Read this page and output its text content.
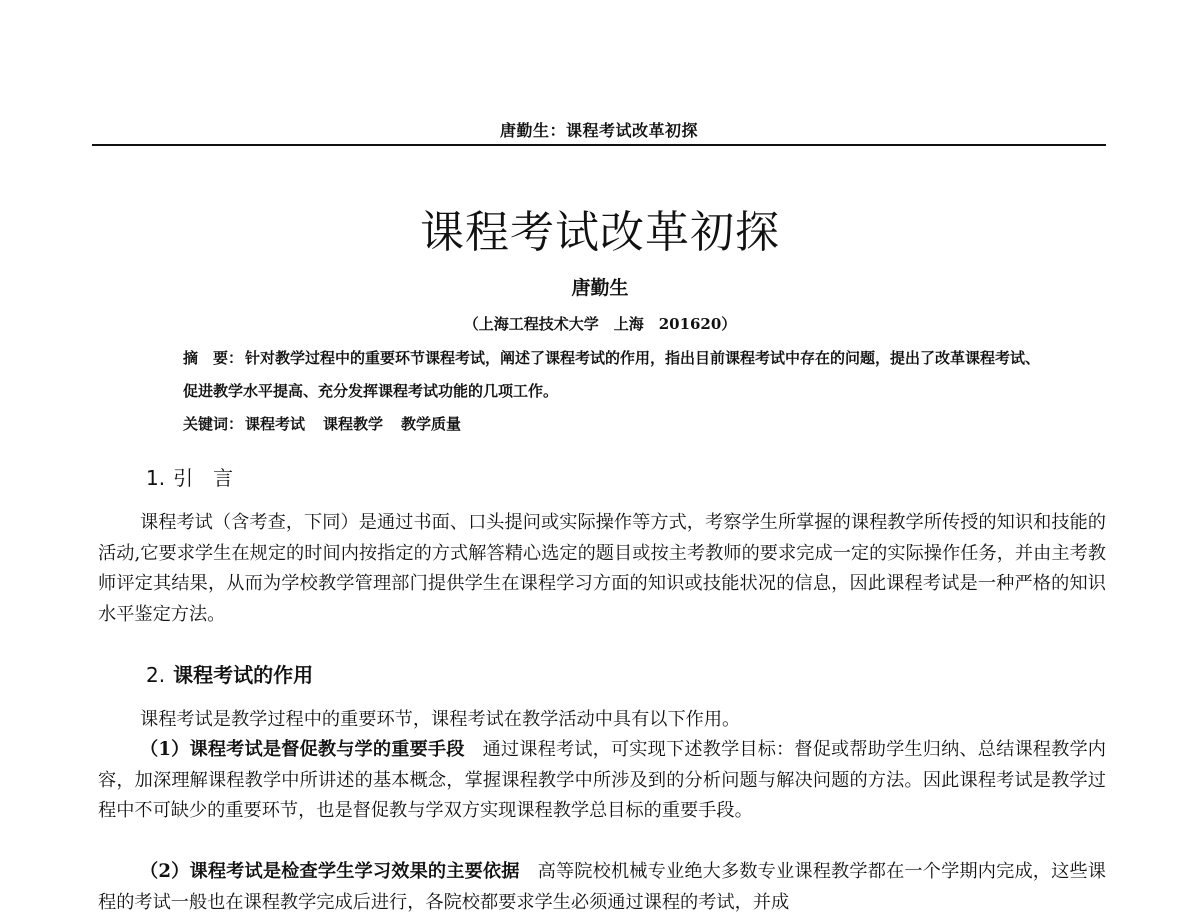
唐勤生：课程考试改革初探
课程考试改革初探
唐勤生
（上海工程技术大学　上海　201620）
摘　要： 针对教学过程中的重要环节课程考试，阐述了课程考试的作用，指出目前课程考试中存在的问题，提出了改革课程考试、促进教学水平提高、充分发挥课程考试功能的几项工作。
关键词： 课程考试 课程教学 教学质量
1. 引　言

课程考试（含考查，下同）是通过书面、口头提问或实际操作等方式，考察学生所掌握的课程教学所传授的知识和技能的活动,它要求学生在规定的时间内按指定的方式解答精心选定的题目或按主考教师的要求完成一定的实际操作任务，并由主考教师评定其结果，从而为学校教学管理部门提供学生在课程学习方面的知识或技能状况的信息，因此课程考试是一种严格的知识水平鉴定方法。

2. 课程考试的作用

课程考试是教学过程中的重要环节，课程考试在教学活动中具有以下作用。

（1）课程考试是督促教与学的重要手段 通过课程考试，可实现下述教学目标：督促或帮助学生归纳、总结课程教学内容，加深理解课程教学中所讲述的基本概念，掌握课程教学中所涉及到的分析问题与解决问题的方法。因此课程考试是教学过程中不可缺少的重要环节，也是督促教与学双方实现课程教学总目标的重要手段。

（2）课程考试是检查学生学习效果的主要依据 高等院校机械专业绝大多数专业课程教学都在一个学期内完成，这些课程的考试一般也在课程教学完成后进行，各院校都要求学生必须通过课程的考试，并成
